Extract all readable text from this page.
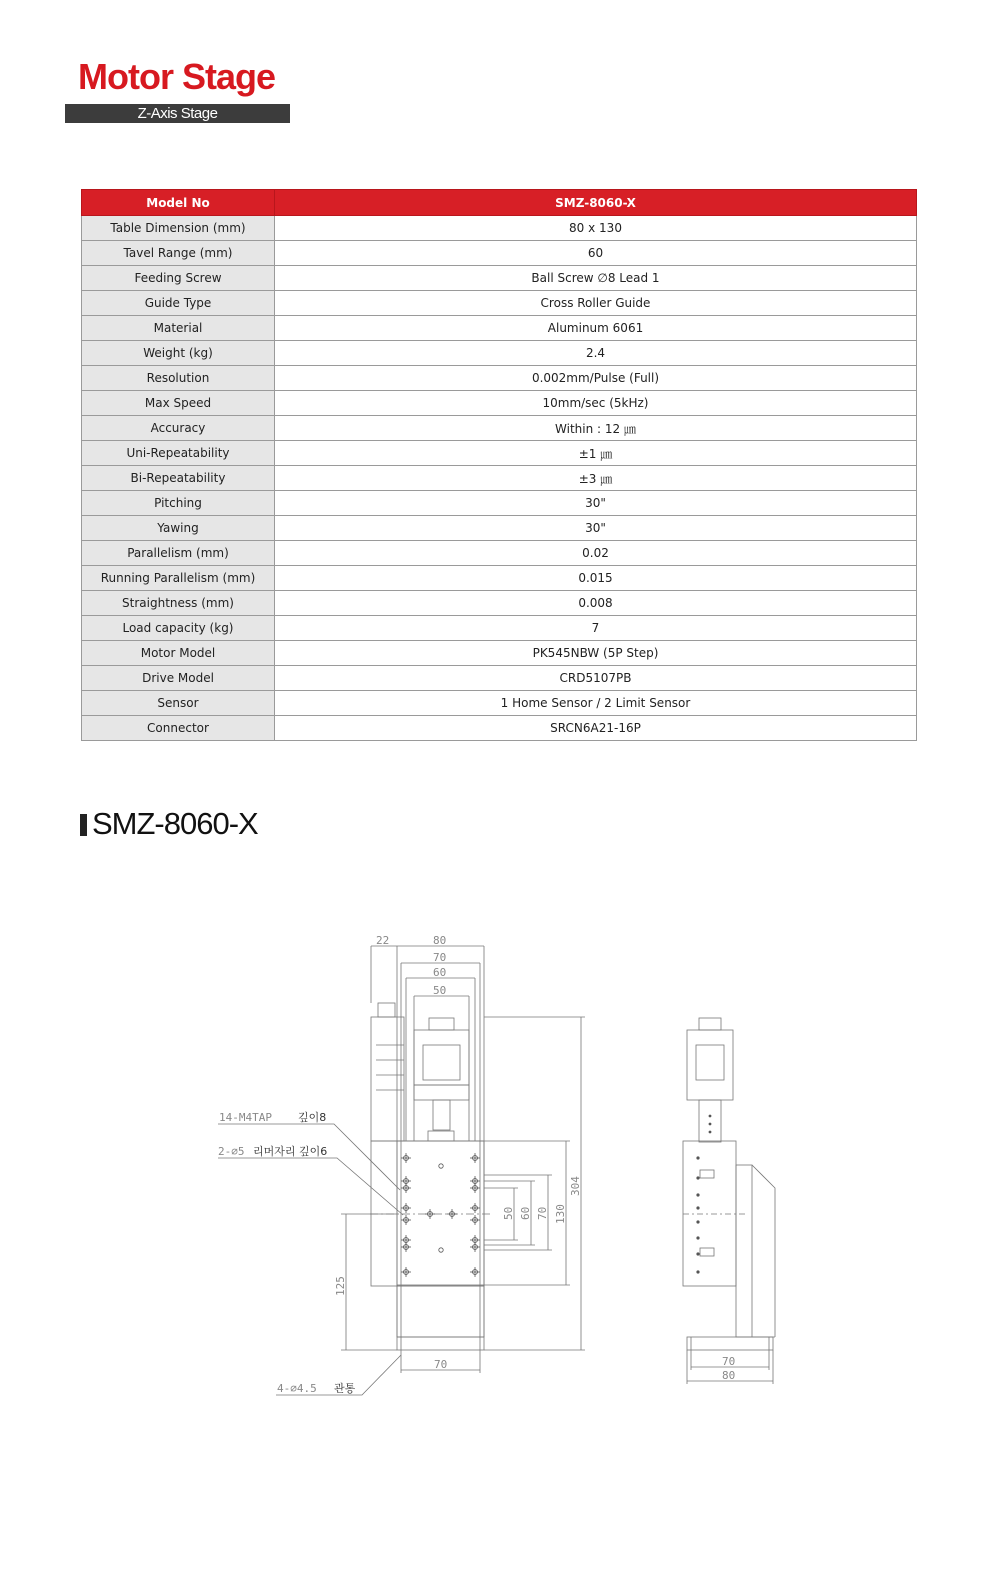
Motor Stage
Z-Axis Stage
Model No	SMZ-8060-X
Table Dimension (mm)	80 x 130
Tavel Range (mm)	60
Feeding Screw	Ball Screw ∅8 Lead 1
Guide Type	Cross Roller Guide
Material	Aluminum 6061
Weight (kg)	2.4
Resolution	0.002mm/Pulse (Full)
Max Speed	10mm/sec (5kHz)
Accuracy	Within : 12 ㎛
Uni-Repeatability	±1 ㎛
Bi-Repeatability	±3 ㎛
Pitching	30"
Yawing	30"
Parallelism (mm)	0.02
Running Parallelism (mm)	0.015
Straightness (mm)	0.008
Load capacity (kg)	7
Motor Model	PK545NBW (5P Step)
Drive Model	CRD5107PB
Sensor	1 Home Sensor / 2 Limit Sensor
Connector	SRCN6A21-16P
SMZ-8060-X
22	80
70
60
50
304
130
70
60
50
125
70	70
80
14-M4TAP 깊이8
2-∅5 리머자리 깊이6
4-∅4.5 관통
